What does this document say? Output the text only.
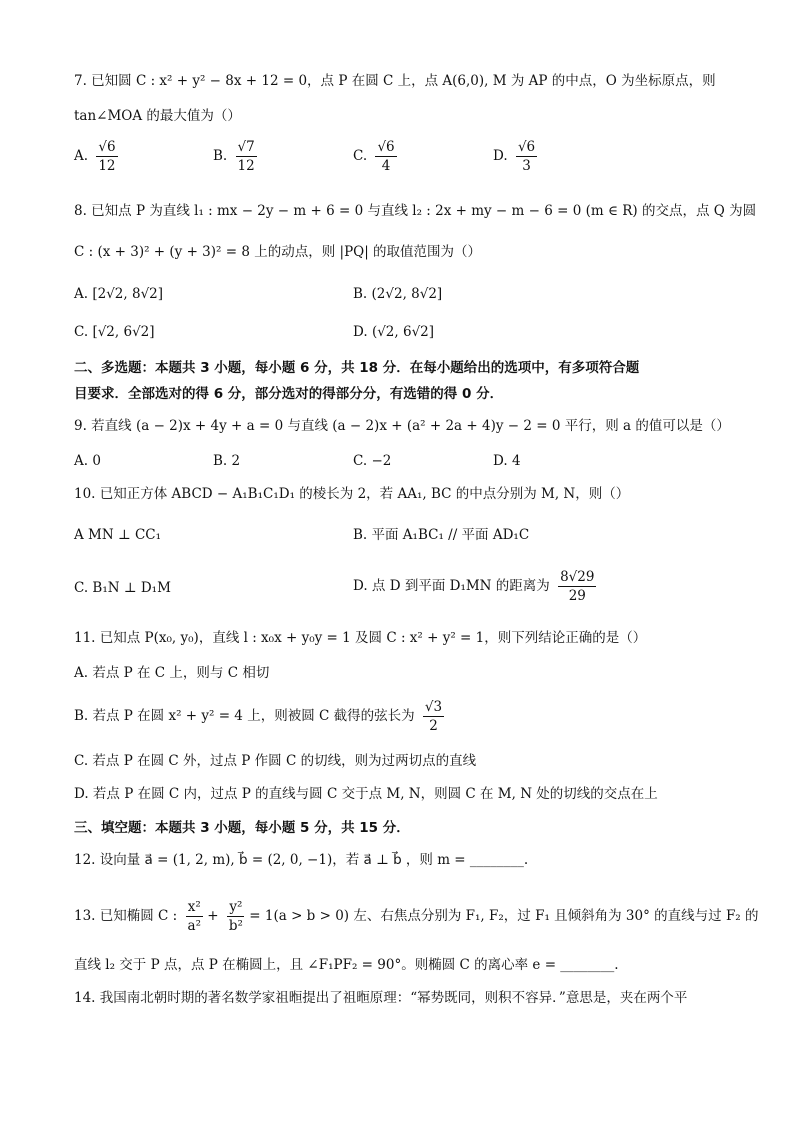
7. 已知圆 C : x² + y² − 8x + 12 = 0，点 P 在圆 C 上，点 A(6,0), M 为 AP 的中点，O 为坐标原点，则
tan∠MOA 的最大值为（）
A. $\frac{√6}{12}$	B. $\frac{√7}{12}$	C. $\frac{√6}{4}$	D. $\frac{√6}{3}$
8. 已知点 P 为直线 l₁ : mx − 2y − m + 6 = 0 与直线 l₂ : 2x + my − m − 6 = 0 (m ∈ R) 的交点，点 Q 为圆
C : (x + 3)² + (y + 3)² = 8 上的动点，则 |PQ| 的取值范围为（）
A. [2√2, 8√2]	B. (2√2, 8√2]
C. [√2, 6√2]	D. (√2, 6√2]
二、多选题：本题共 3 小题，每小题 6 分，共 18 分．在每小题给出的选项中，有多项符合题
目要求．全部选对的得 6 分，部分选对的得部分分，有选错的得 0 分．
9. 若直线 (a − 2)x + 4y + a = 0 与直线 (a − 2)x + (a² + 2a + 4)y − 2 = 0 平行，则 a 的值可以是（）
A. 0	B. 2	C. −2	D. 4
10. 已知正方体 ABCD − A₁B₁C₁D₁ 的棱长为 2，若 AA₁, BC 的中点分别为 M, N，则（）
A MN ⊥ CC₁	B. 平面 A₁BC₁ // 平面 AD₁C
C. B₁N ⊥ D₁M	D. 点 D 到平面 D₁MN 的距离为 $\frac{8√29}{29}$
11. 已知点 P(x₀, y₀)，直线 l : x₀x + y₀y = 1 及圆 C : x² + y² = 1，则下列结论正确的是（）
A. 若点 P 在 C 上，则与 C 相切
B. 若点 P 在圆 x² + y² = 4 上，则被圆 C 截得的弦长为 $\frac{√3}{2}$
C. 若点 P 在圆 C 外，过点 P 作圆 C 的切线，则为过两切点的直线
D. 若点 P 在圆 C 内，过点 P 的直线与圆 C 交于点 M, N，则圆 C 在 M, N 处的切线的交点在上
三、填空题：本题共 3 小题，每小题 5 分，共 15 分．
12. 设向量 a⃗ = (1, 2, m), b⃗ = (2, 0, −1)，若 a⃗ ⊥ b⃗ ，则 m = ________.
13. 已知椭圆 C : $\frac{\text{x²}}{\text{a²}} + \frac{\text{y²}}{\text{b²}} = 1(a > b > 0)$ 左、右焦点分别为 F₁, F₂，过 F₁ 且倾斜角为 30° 的直线与过 F₂ 的
直线 l₂ 交于 P 点，点 P 在椭圆上，且 ∠F₁PF₂ = 90°。则椭圆 C 的离心率 e = ________.
14. 我国南北朝时期的著名数学家祖暅提出了祖暅原理：“幂势既同，则积不容异．”意思是，夹在两个平
